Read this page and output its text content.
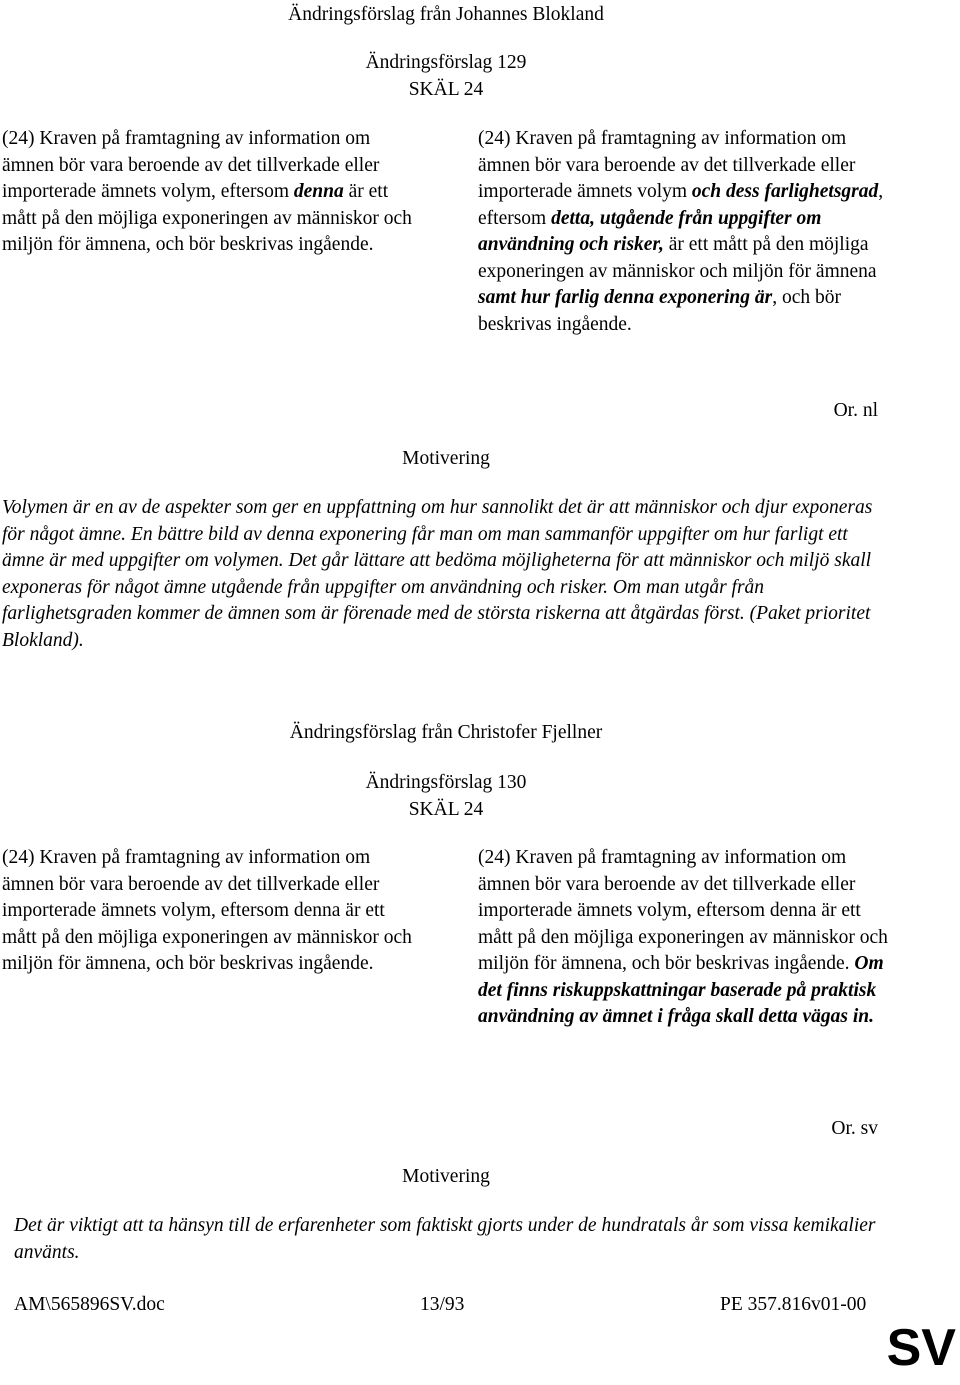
Ändringsförslag från Johannes Blokland
Ändringsförslag 129
SKÄL 24
(24) Kraven på framtagning av information om ämnen bör vara beroende av det tillverkade eller importerade ämnets volym, eftersom denna är ett mått på den möjliga exponeringen av människor och miljön för ämnena, och bör beskrivas ingående.
(24) Kraven på framtagning av information om ämnen bör vara beroende av det tillverkade eller importerade ämnets volym och dess farlighetsgrad, eftersom detta, utgående från uppgifter om användning och risker, är ett mått på den möjliga exponeringen av människor och miljön för ämnena samt hur farlig denna exponering är, och bör beskrivas ingående.
Or. nl
Motivering
Volymen är en av de aspekter som ger en uppfattning om hur sannolikt det är att människor och djur exponeras för något ämne. En bättre bild av denna exponering får man om man sammanför uppgifter om hur farligt ett ämne är med uppgifter om volymen. Det går lättare att bedöma möjligheterna för att människor och miljö skall exponeras för något ämne utgående från uppgifter om användning och risker. Om man utgår från farlighetsgraden kommer de ämnen som är förenade med de största riskerna att åtgärdas först. (Paket prioritet Blokland).
Ändringsförslag från Christofer Fjellner
Ändringsförslag 130
SKÄL 24
(24) Kraven på framtagning av information om ämnen bör vara beroende av det tillverkade eller importerade ämnets volym, eftersom denna är ett mått på den möjliga exponeringen av människor och miljön för ämnena, och bör beskrivas ingående.
(24) Kraven på framtagning av information om ämnen bör vara beroende av det tillverkade eller importerade ämnets volym, eftersom denna är ett mått på den möjliga exponeringen av människor och miljön för ämnena, och bör beskrivas ingående. Om det finns riskuppskattningar baserade på praktisk användning av ämnet i fråga skall detta vägas in.
Or. sv
Motivering
Det är viktigt att ta hänsyn till de erfarenheter som faktiskt gjorts under de hundratals år som vissa kemikalier använts.
AM\565896SV.doc	13/93	PE 357.816v01-00
SV
